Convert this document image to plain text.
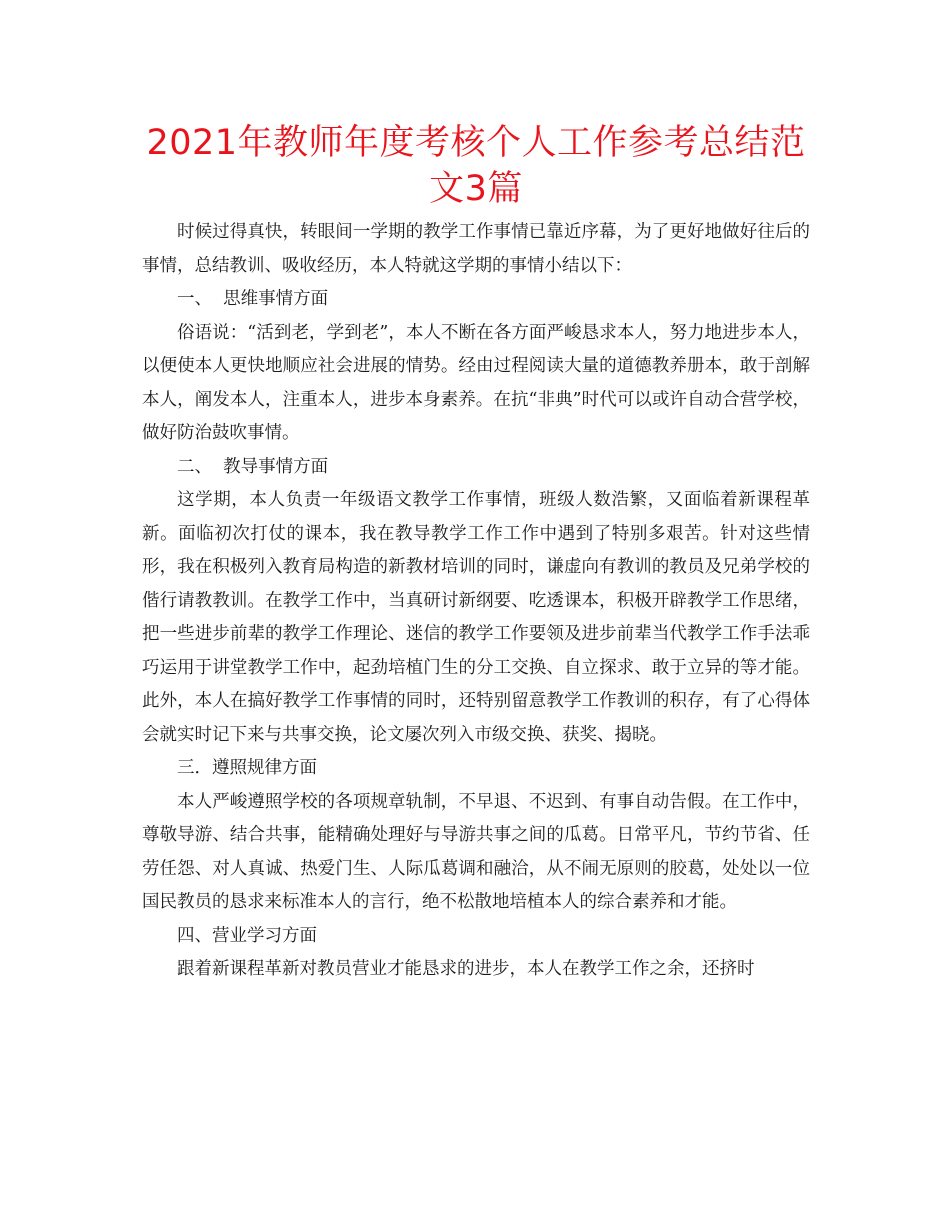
2021年教师年度考核个人工作参考总结范文3篇

时候过得真快，转眼间一学期的教学工作事情已靠近序幕，为了更好地做好往后的事情，总结教训、吸收经历，本人特就这学期的事情小结以下：

一、  思维事情方面

俗语说：“活到老，学到老”，本人不断在各方面严峻恳求本人，努力地进步本人，以便使本人更快地顺应社会进展的情势。经由过程阅读大量的道德教养册本，敢于剖解本人，阐发本人，注重本人，进步本身素养。在抗“非典”时代可以或许自动合营学校，做好防治鼓吹事情。

二、  教导事情方面

这学期，本人负责一年级语文教学工作事情，班级人数浩繁，又面临着新课程革新。面临初次打仗的课本，我在教导教学工作工作中遇到了特别多艰苦。针对这些情形，我在积极列入教育局构造的新教材培训的同时，谦虚向有教训的教员及兄弟学校的偕行请教教训。在教学工作中，当真研讨新纲要、吃透课本，积极开辟教学工作思绪，把一些进步前辈的教学工作理论、迷信的教学工作要领及进步前辈当代教学工作手法乖巧运用于讲堂教学工作中，起劲培植门生的分工交换、自立探求、敢于立异的等才能。此外，本人在搞好教学工作事情的同时，还特别留意教学工作教训的积存，有了心得体会就实时记下来与共事交换，论文屡次列入市级交换、获奖、揭晓。

三．遵照规律方面

本人严峻遵照学校的各项规章轨制，不早退、不迟到、有事自动告假。在工作中，尊敬导游、结合共事，能精确处理好与导游共事之间的瓜葛。日常平凡，节约节省、任劳任怨、对人真诚、热爱门生、人际瓜葛调和融洽，从不闹无原则的胶葛，处处以一位国民教员的恳求来标准本人的言行，绝不松散地培植本人的综合素养和才能。

四、营业学习方面

跟着新课程革新对教员营业才能恳求的进步，本人在教学工作之余，还挤时
